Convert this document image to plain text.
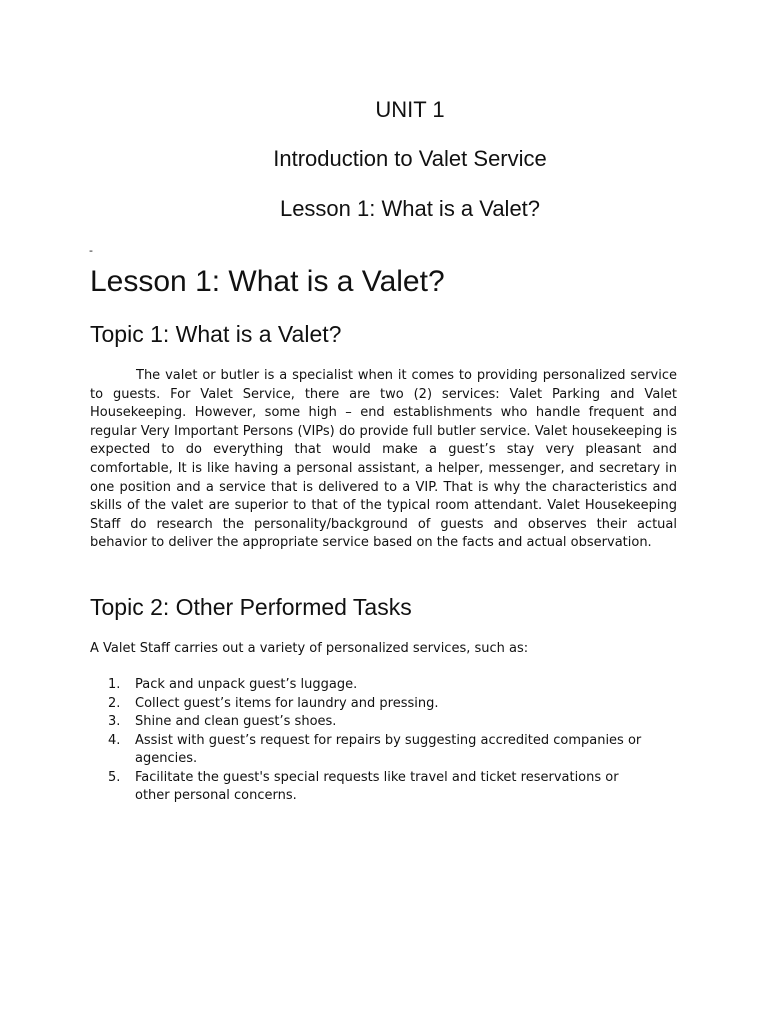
UNIT 1
Introduction to Valet Service
Lesson 1: What is a Valet?
-
Lesson 1: What is a Valet?
Topic 1: What is a Valet?

The valet or butler is a specialist when it comes to providing personalized service to guests. For Valet Service, there are two (2) services: Valet Parking and Valet Housekeeping. However, some high – end establishments who handle frequent and regular Very Important Persons (VIPs) do provide full butler service. Valet housekeeping is expected to do everything that would make a guest’s stay very pleasant and comfortable, It is like having a personal assistant, a helper, messenger, and secretary in one position and a service that is delivered to a VIP. That is why the characteristics and skills of the valet are superior to that of the typical room attendant. Valet Housekeeping Staff do research the personality/background of guests and observes their actual behavior to deliver the appropriate service based on the facts and actual observation.

Topic 2: Other Performed Tasks
A Valet Staff carries out a variety of personalized services, such as:
1. Pack and unpack guest’s luggage.
2. Collect guest’s items for laundry and pressing.
3. Shine and clean guest’s shoes.
4. Assist with guest’s request for repairs by suggesting accredited companies or agencies.
5. Facilitate the guest's special requests like travel and ticket reservations or other personal concerns.
